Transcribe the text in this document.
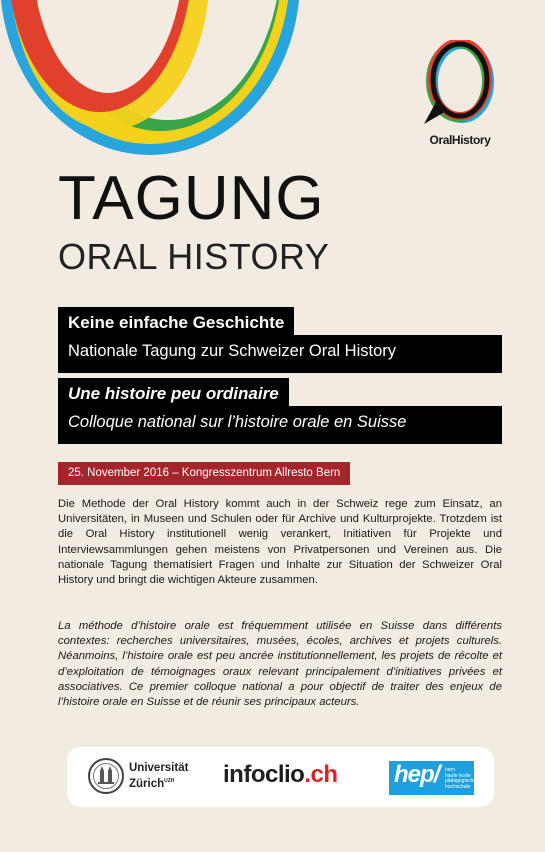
OralHistory
TAGUNG
ORAL HISTORY
Keine einfache Geschichte
Nationale Tagung zur Schweizer Oral History
Une histoire peu ordinaire
Colloque national sur l’histoire orale en Suisse
25. November 2016 – Kongresszentrum Allresto Bern
Die Methode der Oral History kommt auch in der Schweiz rege zum Einsatz, an Universitäten, in Museen und Schulen oder für Archive und Kulturprojekte. Trotzdem ist die Oral History institutionell wenig verankert, Initiativen für Projekte und Interviewsammlungen gehen meistens von Privatpersonen und Vereinen aus. Die nationale Tagung thematisiert Fragen und Inhalte zur Situation der Schweizer Oral History und bringt die wichtigen Akteure zusammen.
La méthode d’histoire orale est fréquemment utilisée en Suisse dans différents contextes: recherches universitaires, musées, écoles, archives et projets culturels. Néanmoins, l’histoire orale est peu ancrée institutionnellement, les projets de récolte et d’exploitation de témoignages oraux relevant principalement d’initiatives privées et associatives. Ce premier colloque national a pour objectif de traiter des enjeux de l’histoire orale en Suisse et de réunir ses principaux acteurs.
Universität
Zürich$^{UZH}$	infoclio.ch hep/ bern
haute école
pädagogische
hochschule
